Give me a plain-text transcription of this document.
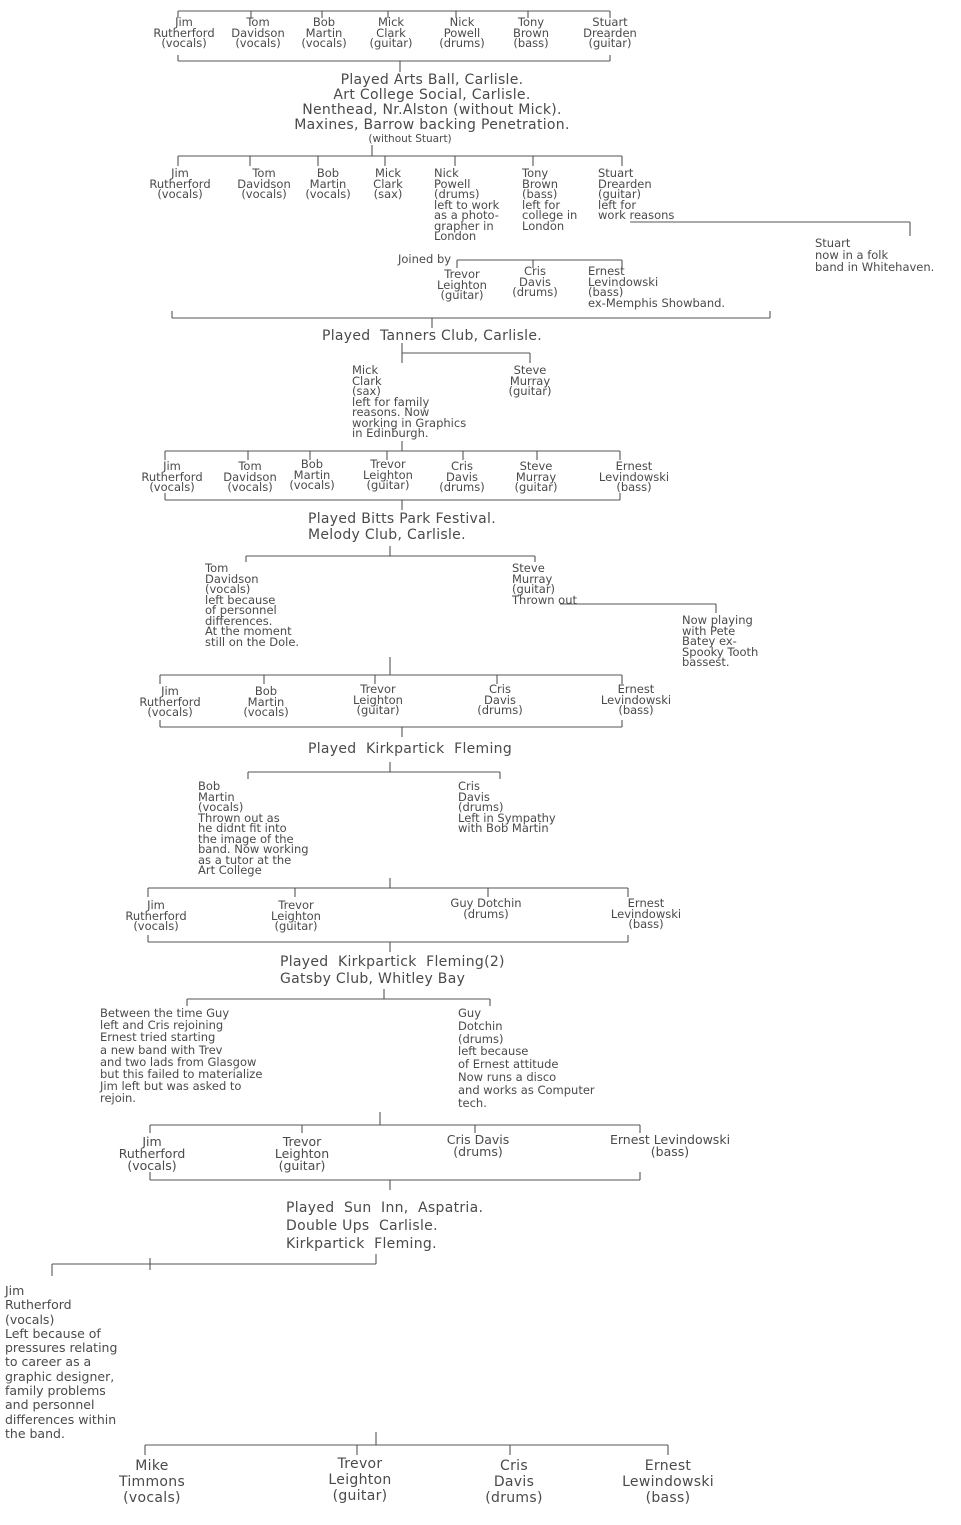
Jim
Rutherford
(vocals)
Tom
Davidson
(vocals)
Bob
Martin
(vocals)
Mick
Clark
(guitar)
Nick
Powell
(drums)
Tony
Brown
(bass)
Stuart
Drearden
(guitar)
Played Arts Ball, Carlisle.
Art College Social, Carlisle.
Nenthead, Nr.Alston (without Mick).
Maxines, Barrow backing Penetration.
(without Stuart)
Jim
Rutherford
(vocals)
Tom
Davidson
(vocals)
Bob
Martin
(vocals)
Mick
Clark
(sax)
Nick
Powell
(drums)
left to work
as a photo-
grapher in
London
Tony
Brown
(bass)
left for
college in
London
Stuart
Drearden
(guitar)
left for
work reasons
Stuart
now in a folk
band in Whitehaven.
Joined by
Trevor
Leighton
(guitar)
Cris
Davis
(drums)
Ernest
Levindowski
(bass)
ex-Memphis Showband.
Played  Tanners Club, Carlisle.
Mick
Clark
(sax)
left for family
reasons. Now
working in Graphics
in Edinburgh.
Steve
Murray
(guitar)
Jim
Rutherford
(vocals)
Tom
Davidson
(vocals)
Bob
Martin
(vocals)
Trevor
Leighton
(guitar)
Cris
Davis
(drums)
Steve
Murray
(guitar)
Ernest
Levindowski
(bass)
Played Bitts Park Festival.
Melody Club, Carlisle.
Tom
Davidson
(vocals)
left because
of personnel
differences.
At the moment
still on the Dole.
Steve
Murray
(guitar)
Thrown out
Now playing
with Pete
Batey ex-
Spooky Tooth
bassest.
Jim
Rutherford
(vocals)
Bob
Martin
(vocals)
Trevor
Leighton
(guitar)
Cris
Davis
(drums)
Ernest
Levindowski
(bass)
Played  Kirkpartick  Fleming
Bob
Martin
(vocals)
Thrown out as
he didnt fit into
the image of the
band. Now working
as a tutor at the
Art College
Cris
Davis
(drums)
Left in Sympathy
with Bob Martin
Jim
Rutherford
(vocals)
Trevor
Leighton
(guitar)
Guy Dotchin
(drums)
Ernest
Levindowski
(bass)
Played  Kirkpartick  Fleming(2)
Gatsby Club, Whitley Bay
Between the time Guy
left and Cris rejoining
Ernest tried starting
a new band with Trev
and two lads from Glasgow
but this failed to materialize
Jim left but was asked to
rejoin.
Guy
Dotchin
(drums)
left because
of Ernest attitude
Now runs a disco
and works as Computer
tech.
Jim
Rutherford
(vocals)
Trevor
Leighton
(guitar)
Cris Davis
(drums)
Ernest Levindowski
(bass)
Played  Sun  Inn,  Aspatria.
Double Ups  Carlisle.
Kirkpartick  Fleming.
Jim
Rutherford
(vocals)
Left because of
pressures relating
to career as a
graphic designer,
family problems
and personnel
differences within
the band.
Mike
Timmons
(vocals)
Trevor
Leighton
(guitar)
Cris
Davis
(drums)
Ernest
Lewindowski
(bass)
